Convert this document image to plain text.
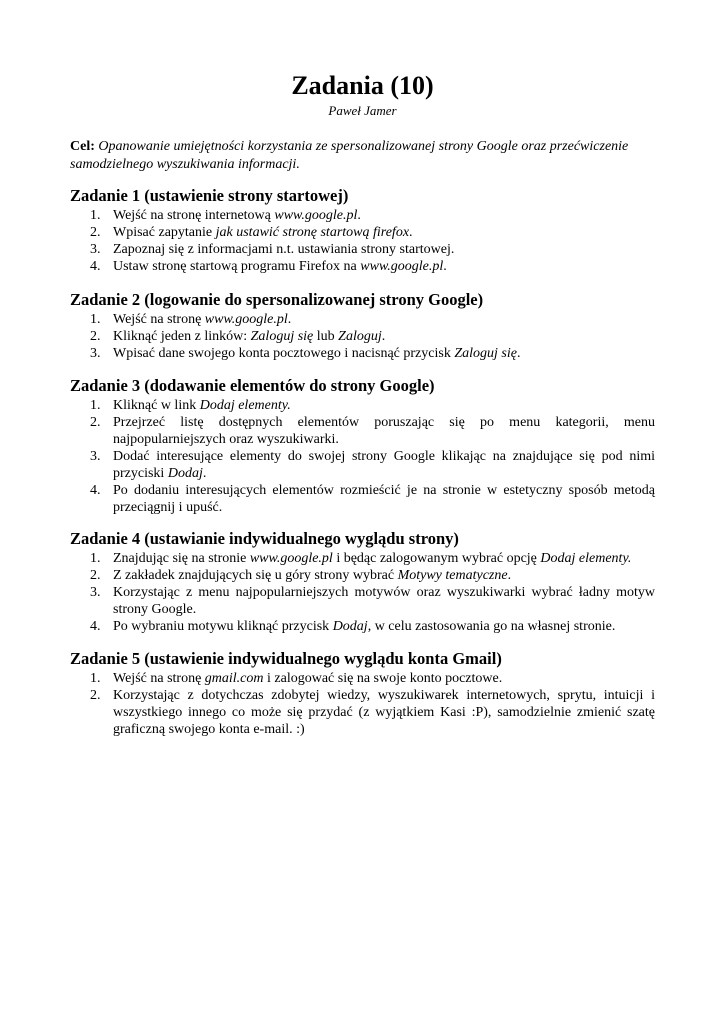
Zadania (10)
Paweł Jamer

Cel: Opanowanie umiejętności korzystania ze spersonalizowanej strony Google oraz przećwiczenie samodzielnego wyszukiwania informacji.

Zadanie 1 (ustawienie strony startowej)
1. Wejść na stronę internetową www.google.pl.
2. Wpisać zapytanie jak ustawić stronę startową firefox.
3. Zapoznaj się z informacjami n.t. ustawiania strony startowej.
4. Ustaw stronę startową programu Firefox na www.google.pl.
Zadanie 2 (logowanie do spersonalizowanej strony Google)
1. Wejść na stronę www.google.pl.
2. Kliknąć jeden z linków: Zaloguj się lub Zaloguj.
3. Wpisać dane swojego konta pocztowego i nacisnąć przycisk Zaloguj się.
Zadanie 3 (dodawanie elementów do strony Google)
1. Kliknąć w link Dodaj elementy.
2. Przejrzeć listę dostępnych elementów poruszając się po menu kategorii, menu najpopularniejszych oraz wyszukiwarki.
3. Dodać interesujące elementy do swojej strony Google klikając na znajdujące się pod nimi przyciski Dodaj.
4. Po dodaniu interesujących elementów rozmieścić je na stronie w estetyczny sposób metodą przeciągnij i upuść.
Zadanie 4 (ustawianie indywidualnego wyglądu strony)
1. Znajdując się na stronie www.google.pl i będąc zalogowanym wybrać opcję Dodaj elementy.
2. Z zakładek znajdujących się u góry strony wybrać Motywy tematyczne.
3. Korzystając z menu najpopularniejszych motywów oraz wyszukiwarki wybrać ładny motyw strony Google.
4. Po wybraniu motywu kliknąć przycisk Dodaj, w celu zastosowania go na własnej stronie.
Zadanie 5 (ustawienie indywidualnego wyglądu konta Gmail)
1. Wejść na stronę gmail.com i zalogować się na swoje konto pocztowe.
2. Korzystając z dotychczas zdobytej wiedzy, wyszukiwarek internetowych, sprytu, intuicji i wszystkiego innego co może się przydać (z wyjątkiem Kasi :P), samodzielnie zmienić szatę graficzną swojego konta e-mail. :)
